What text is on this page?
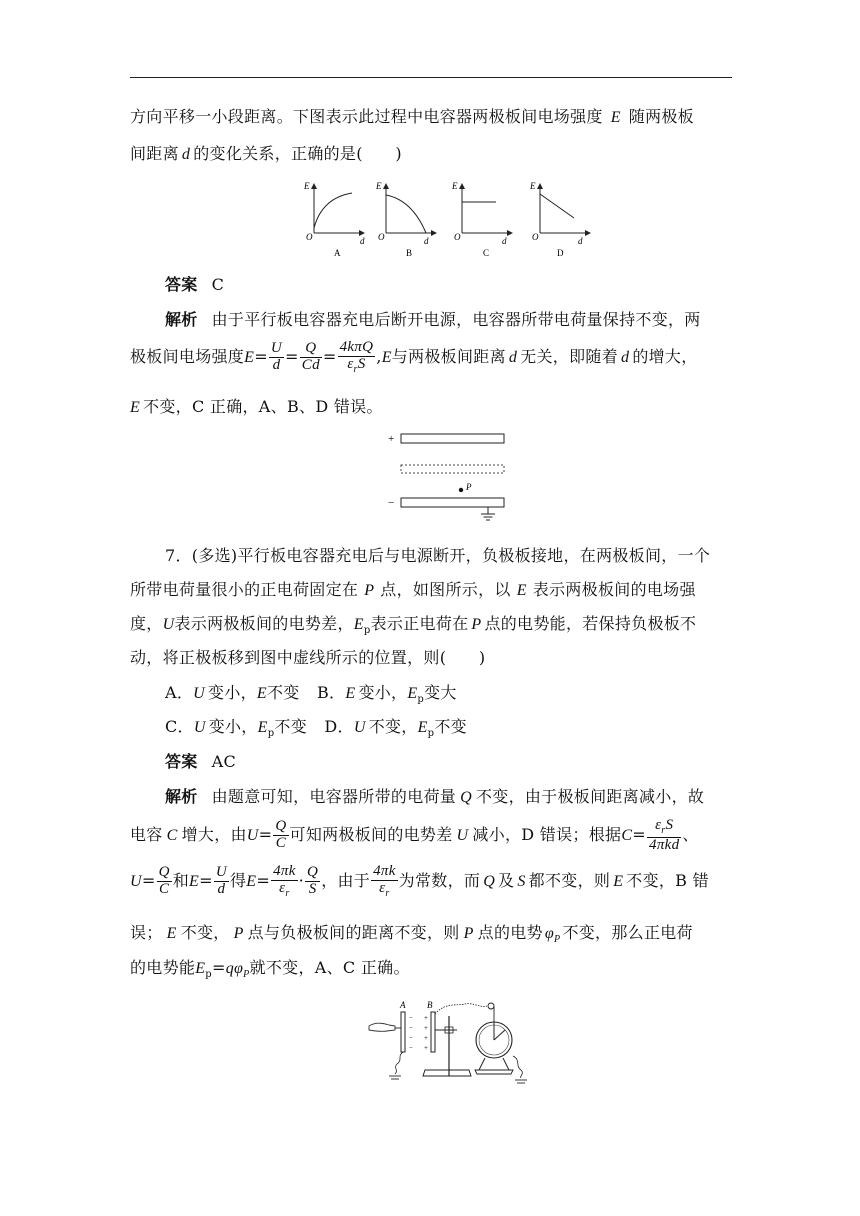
方向平移一小段距离。下图表示此过程中电容器两极板间电场强度 E 随两极板
间距离 d 的变化关系，正确的是(　　)
E
O	d
A
E
O	d
B
E
O	d
C
E
O	d
D
答案 C
解析 由于平行板电容器充电后断开电源，电容器所带电荷量保持不变，两
极板间电场强度$E= \frac{U}{d} = \frac{Q}{Cd} = \frac{\text{4kπQ}}{\varepsilon_rS} ,E$与两极板间距离 d 无关，即随着 d 的增大，
E 不变，C 正确，A、B、D 错误。
+
P
−
7．(多选)平行板电容器充电后与电源断开，负极板接地，在两极板间，一个
所带电荷量很小的正电荷固定在 P 点，如图所示，以 E 表示两极板间的电场强
度，U表示两极板间的电势差，$E_p$表示正电荷在 P 点的电势能，若保持负极板不
动，将正极板移到图中虚线所示的位置，则(　　)
A．U 变小，E不变 B．E 变小，$E_p$变大
C．U 变小，$E_p$不变 D．U 不变，$E_p$不变
答案 AC
解析 由题意可知，电容器所带的电荷量 Q 不变，由于极板间距离减小，故
电容 C 增大，由$U= \frac{Q}{C}$ 可知两极板间的电势差 U 减小，D 错误；根据$C= \frac{\varepsilon_rS}{\text{4πkd}}$ 、
$U= \frac{Q}{C}$ 和$E= \frac{U}{d}$ 得$E= \frac{4\pi k}{\varepsilon_r} \cdot \frac{Q}{S}$ ，由于 $\frac{4\pi k}{\varepsilon_r}$ 为常数，而 Q 及 S 都不变，则 E 不变，B 错
误； E 不变， P 点与负极板间的距离不变，则 P 点的电势 $\varphi_P$ 不变，那么正电荷
的电势能$E_p=q\varphi_P$就不变，A、C 正确。
A
−
−
−
−
B
+
+
+
+
